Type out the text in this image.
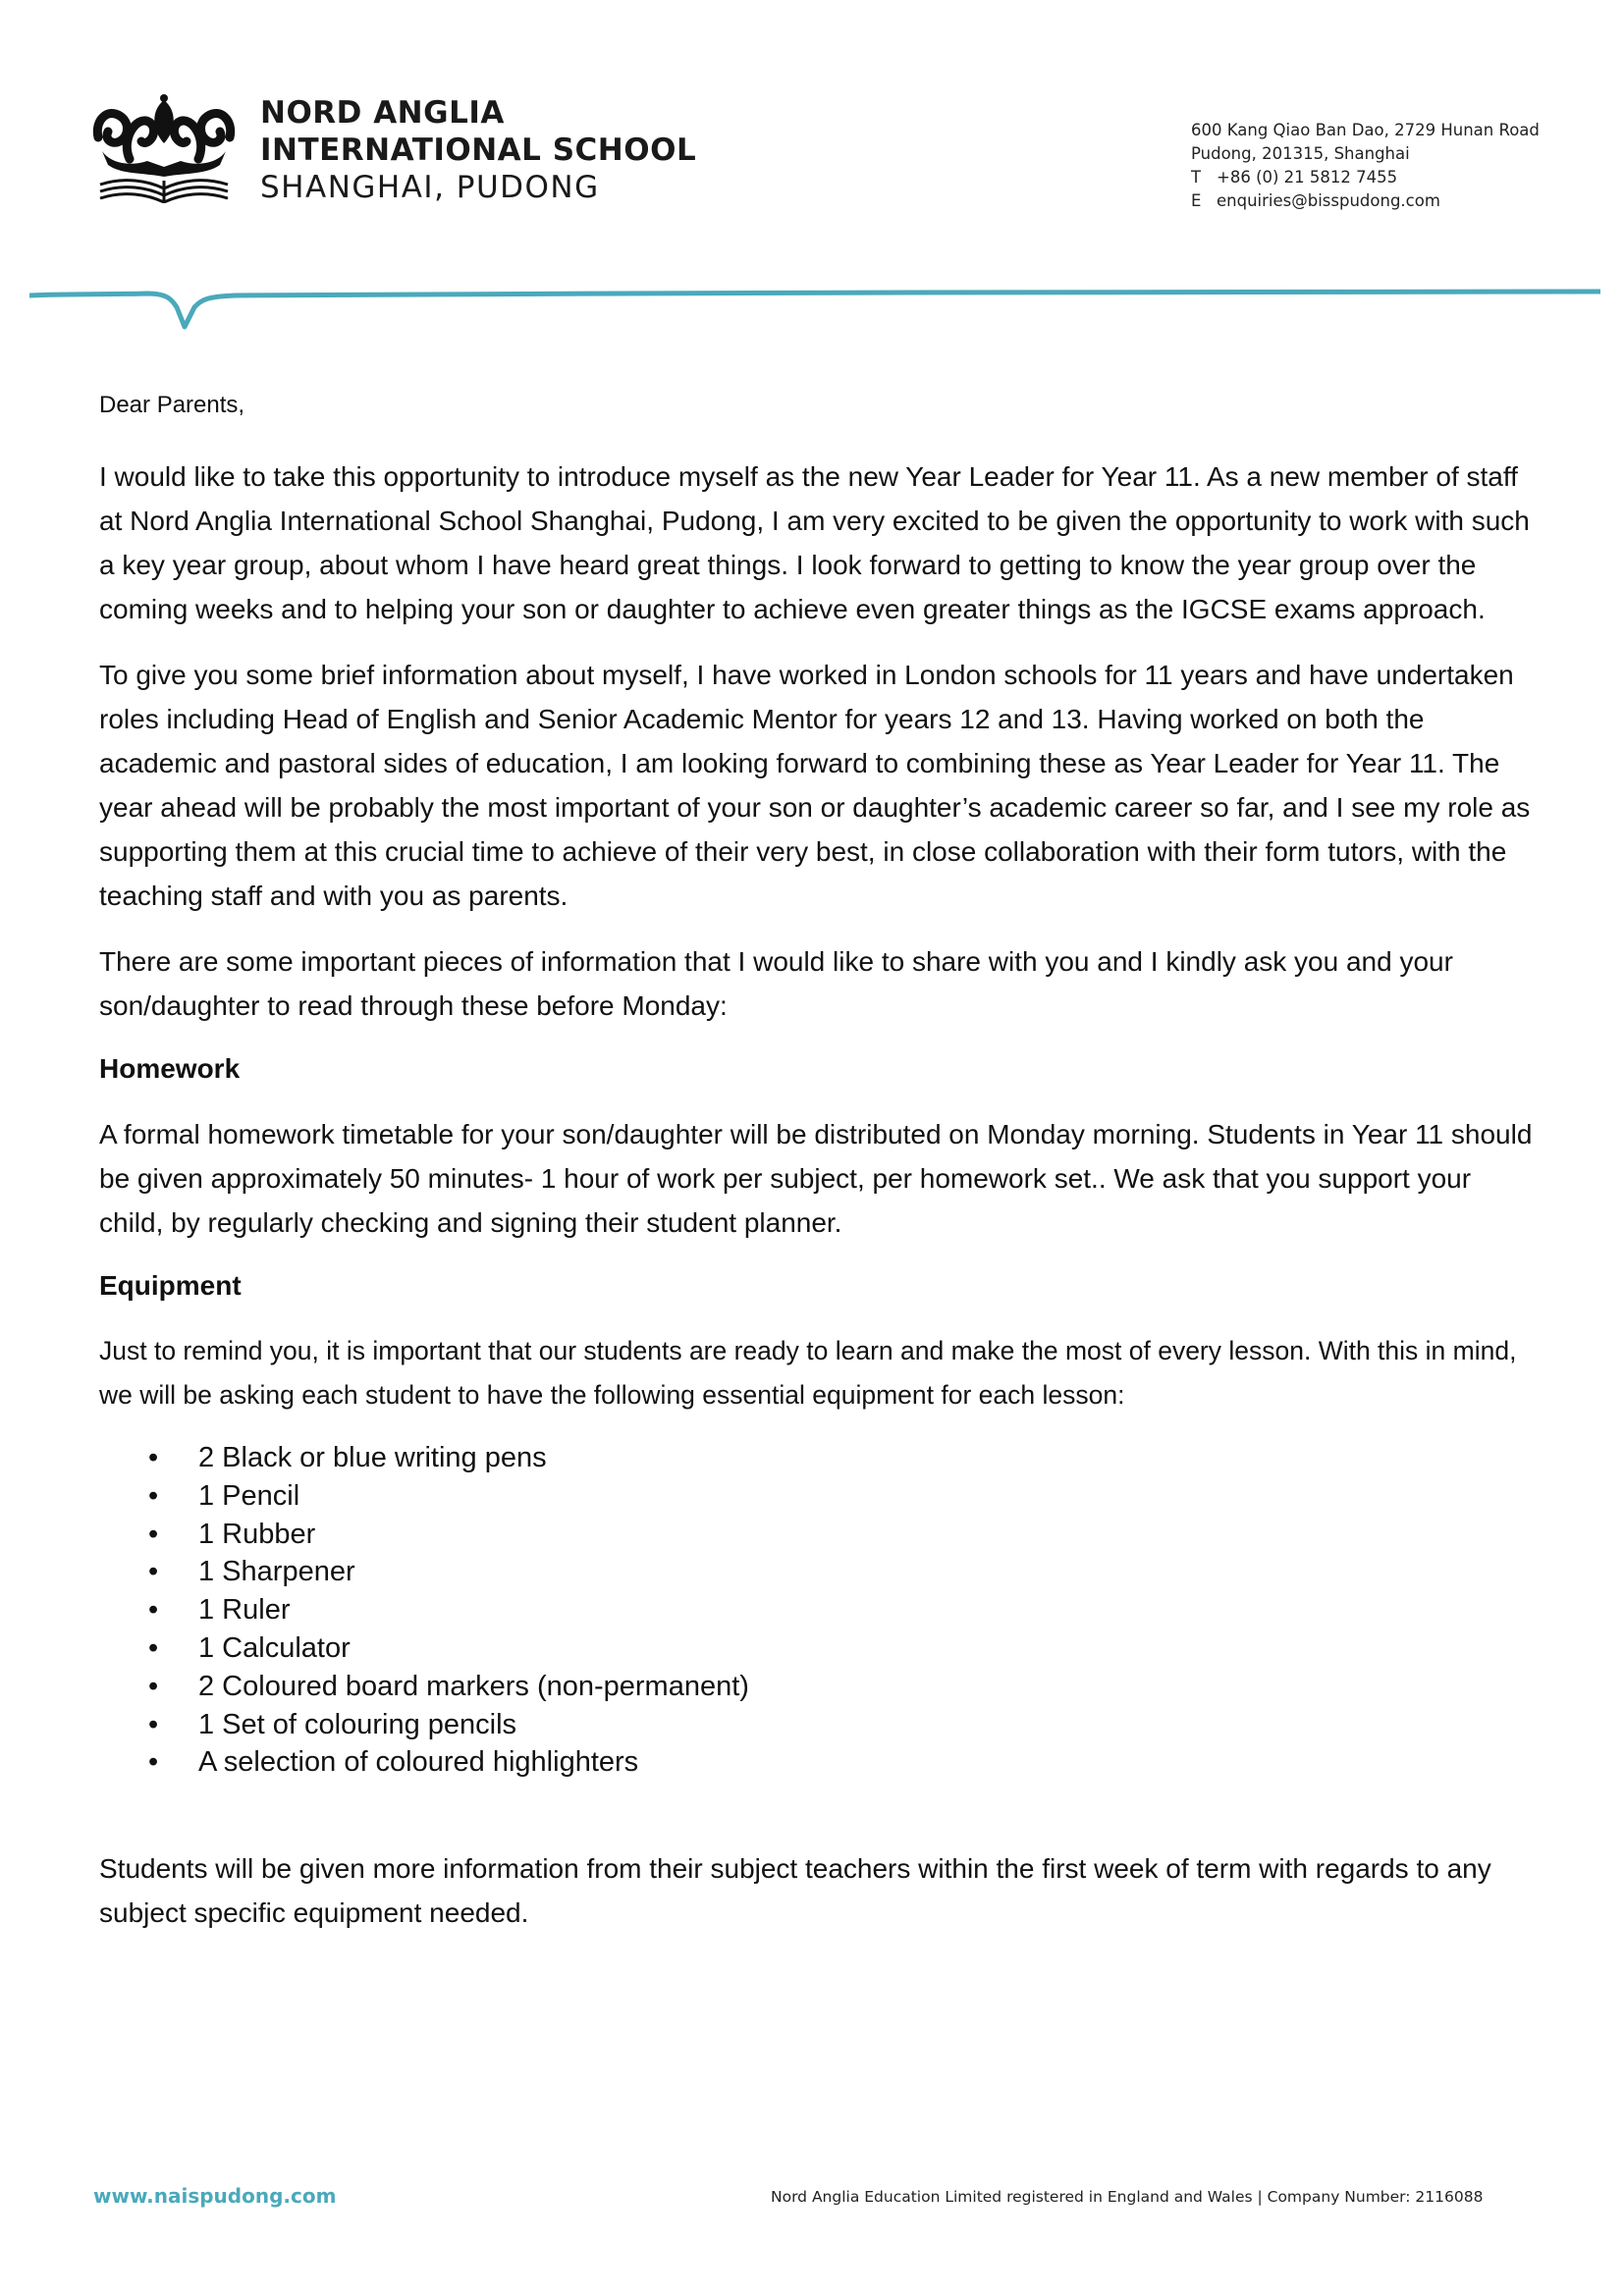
NORD ANGLIA
INTERNATIONAL SCHOOL
SHANGHAI, PUDONG
600 Kang Qiao Ban Dao, 2729 Hunan Road
Pudong, 201315, Shanghai
T +86 (0) 21 5812 7455
E enquiries@bisspudong.com

Dear Parents,

I would like to take this opportunity to introduce myself as the new Year Leader for Year 11. As a new member of staff at Nord Anglia International School Shanghai, Pudong, I am very excited to be given the opportunity to work with such a key year group, about whom I have heard great things. I look forward to getting to know the year group over the coming weeks and to helping your son or daughter to achieve even greater things as the IGCSE exams approach.

To give you some brief information about myself, I have worked in London schools for 11 years and have undertaken roles including Head of English and Senior Academic Mentor for years 12 and 13. Having worked on both the academic and pastoral sides of education, I am looking forward to combining these as Year Leader for Year 11. The year ahead will be probably the most important of your son or daughter’s academic career so far, and I see my role as supporting them at this crucial time to achieve of their very best, in close collaboration with their form tutors, with the teaching staff and with you as parents.

There are some important pieces of information that I would like to share with you and I kindly ask you and your son/daughter to read through these before Monday:

Homework

A formal homework timetable for your son/daughter will be distributed on Monday morning. Students in Year 11 should be given approximately 50 minutes- 1 hour of work per subject, per homework set.. We ask that you support your child, by regularly checking and signing their student planner.

Equipment

Just to remind you, it is important that our students are ready to learn and make the most of every lesson. With this in mind, we will be asking each student to have the following essential equipment for each lesson:

• 2 Black or blue writing pens
• 1 Pencil
• 1 Rubber
• 1 Sharpener
• 1 Ruler
• 1 Calculator
• 2 Coloured board markers (non-permanent)
• 1 Set of colouring pencils
• A selection of coloured highlighters

Students will be given more information from their subject teachers within the first week of term with regards to any subject specific equipment needed.

www.naispudong.com	Nord Anglia Education Limited registered in England and Wales | Company Number: 2116088
